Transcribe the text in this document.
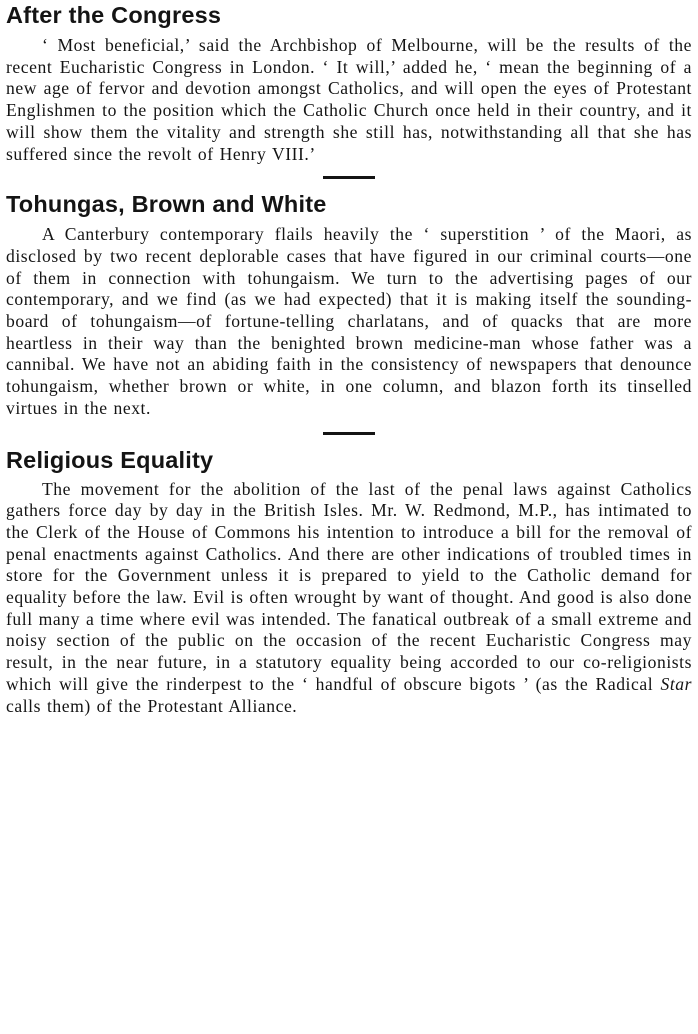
After the Congress

‘ Most beneficial,’ said the Archbishop of Melbourne, will be the results of the recent Eucharistic Congress in London. ‘ It will,’ added he, ‘ mean the beginning of a new age of fervor and devotion amongst Catholics, and will open the eyes of Protestant Englishmen to the position which the Catholic Church once held in their country, and it will show them the vitality and strength she still has, notwithstanding all that she has suffered since the revolt of Henry VIII.’

Tohungas, Brown and White

A Canterbury contemporary flails heavily the ‘ superstition ’ of the Maori, as disclosed by two recent deplorable cases that have figured in our criminal courts—one of them in connection with tohungaism. We turn to the advertising pages of our contemporary, and we find (as we had expected) that it is making itself the sounding-board of tohungaism—of fortune-telling charlatans, and of quacks that are more heartless in their way than the benighted brown medicine-man whose father was a cannibal. We have not an abiding faith in the consistency of newspapers that denounce tohungaism, whether brown or white, in one column, and blazon forth its tinselled virtues in the next.

Religious Equality

The movement for the abolition of the last of the penal laws against Catholics gathers force day by day in the British Isles. Mr. W. Redmond, M.P., has intimated to the Clerk of the House of Commons his intention to introduce a bill for the removal of penal enactments against Catholics. And there are other indications of troubled times in store for the Government unless it is prepared to yield to the Catholic demand for equality before the law. Evil is often wrought by want of thought. And good is also done full many a time where evil was intended. The fanatical outbreak of a small extreme and noisy section of the public on the occasion of the recent Eucharistic Congress may result, in the near future, in a statutory equality being accorded to our co-religionists which will give the rinderpest to the ‘ handful of obscure bigots ’ (as the Radical Star calls them) of the Protestant Alliance.
